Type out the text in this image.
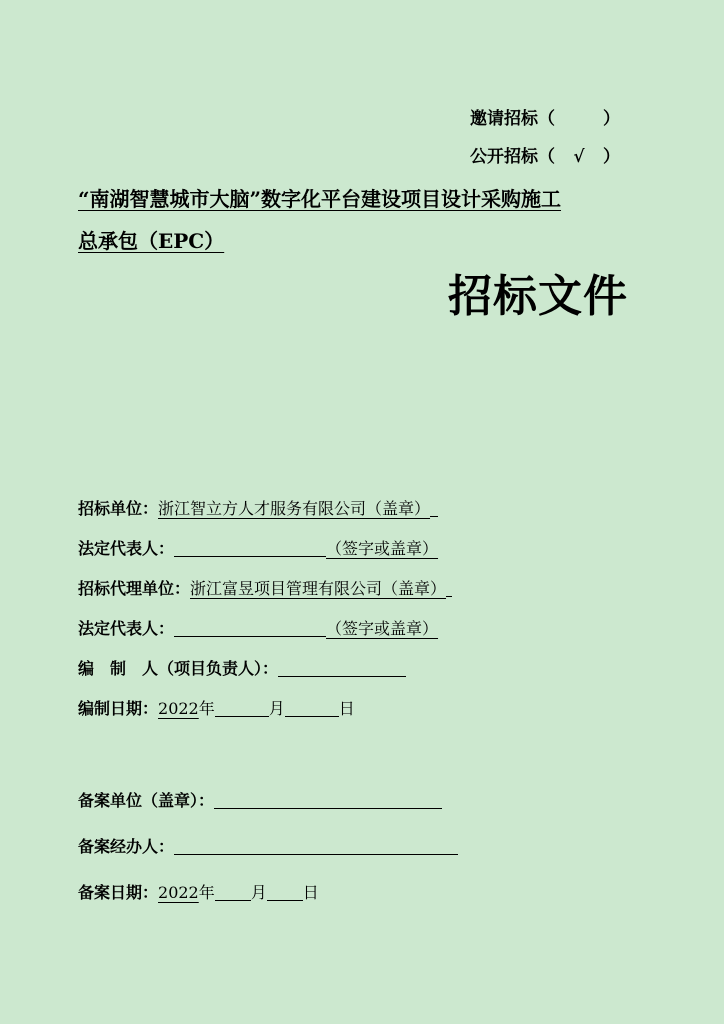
邀请招标（	）
公开招标（ √ ）
“南湖智慧城市大脑”数字化平台建设项目设计采购施工
总承包（EPC）
招标文件
招标单位：浙江智立方人才服务有限公司（盖章）
法定代表人：	（签字或盖章）
招标代理单位：浙江富昱项目管理有限公司（盖章）
法定代表人：	（签字或盖章）
编　制　人（项目负责人）：
编制日期：2022年	月	日
备案单位（盖章）：
备案经办人：
备案日期：2022年 月 日
